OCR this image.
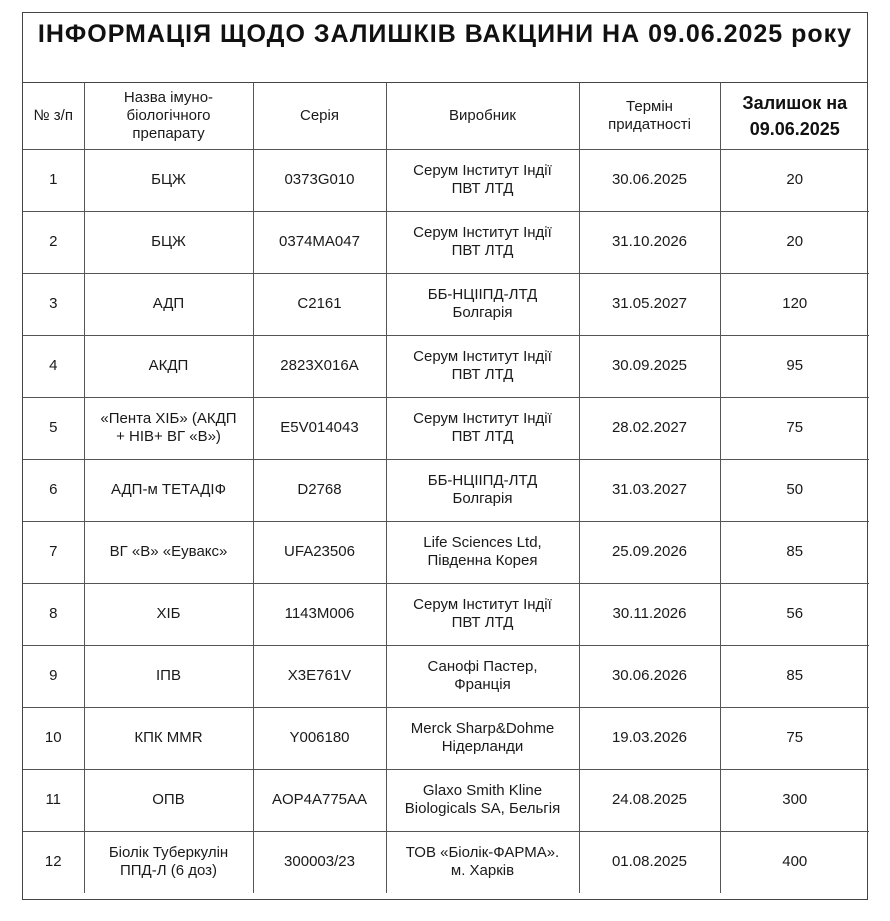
ІНФОРМАЦІЯ ЩОДО ЗАЛИШКІВ ВАКЦИНИ НА 09.06.2025 року
№ з/п	Назва імуно-
біологічного
препарату	Серія	Виробник	Термін
придатності	Залишок на
09.06.2025
1	БЦЖ	0373G010	Серум Інститут Індії
ПВТ ЛТД	30.06.2025	20
2	БЦЖ	0374MA047	Серум Інститут Індії
ПВТ ЛТД	31.10.2026	20
3	АДП	C2161	ББ-НЦІІПД-ЛТД
Болгарія	31.05.2027	120
4	АКДП	2823X016A	Серум Інститут Індії
ПВТ ЛТД	30.09.2025	95
5	«Пента ХІБ» (АКДП
+ HIB+ ВГ «В»)	E5V014043	Серум Інститут Індії
ПВТ ЛТД	28.02.2027	75
6	АДП-м ТЕТАДІФ	D2768	ББ-НЦІІПД-ЛТД
Болгарія	31.03.2027	50
7	ВГ «В» «Еувакс»	UFA23506	Life Sciences Ltd,
Південна Корея	25.09.2026	85
8	ХІБ	1143M006	Серум Інститут Індії
ПВТ ЛТД	30.11.2026	56
9	ІПВ	X3E761V	Санофі Пастер,
Франція	30.06.2026	85
10	КПК MMR	Y006180	Merck Sharp&Dohme
Нідерланди	19.03.2026	75
11	ОПВ	AOP4A775AA	Glaxo Smith Kline
Biologicals SA, Бельгія	24.08.2025	300
12	Біолік Туберкулін
ППД-Л (6 доз)	300003/23	ТОВ «Біолік-ФАРМА».
м. Харків	01.08.2025	400
